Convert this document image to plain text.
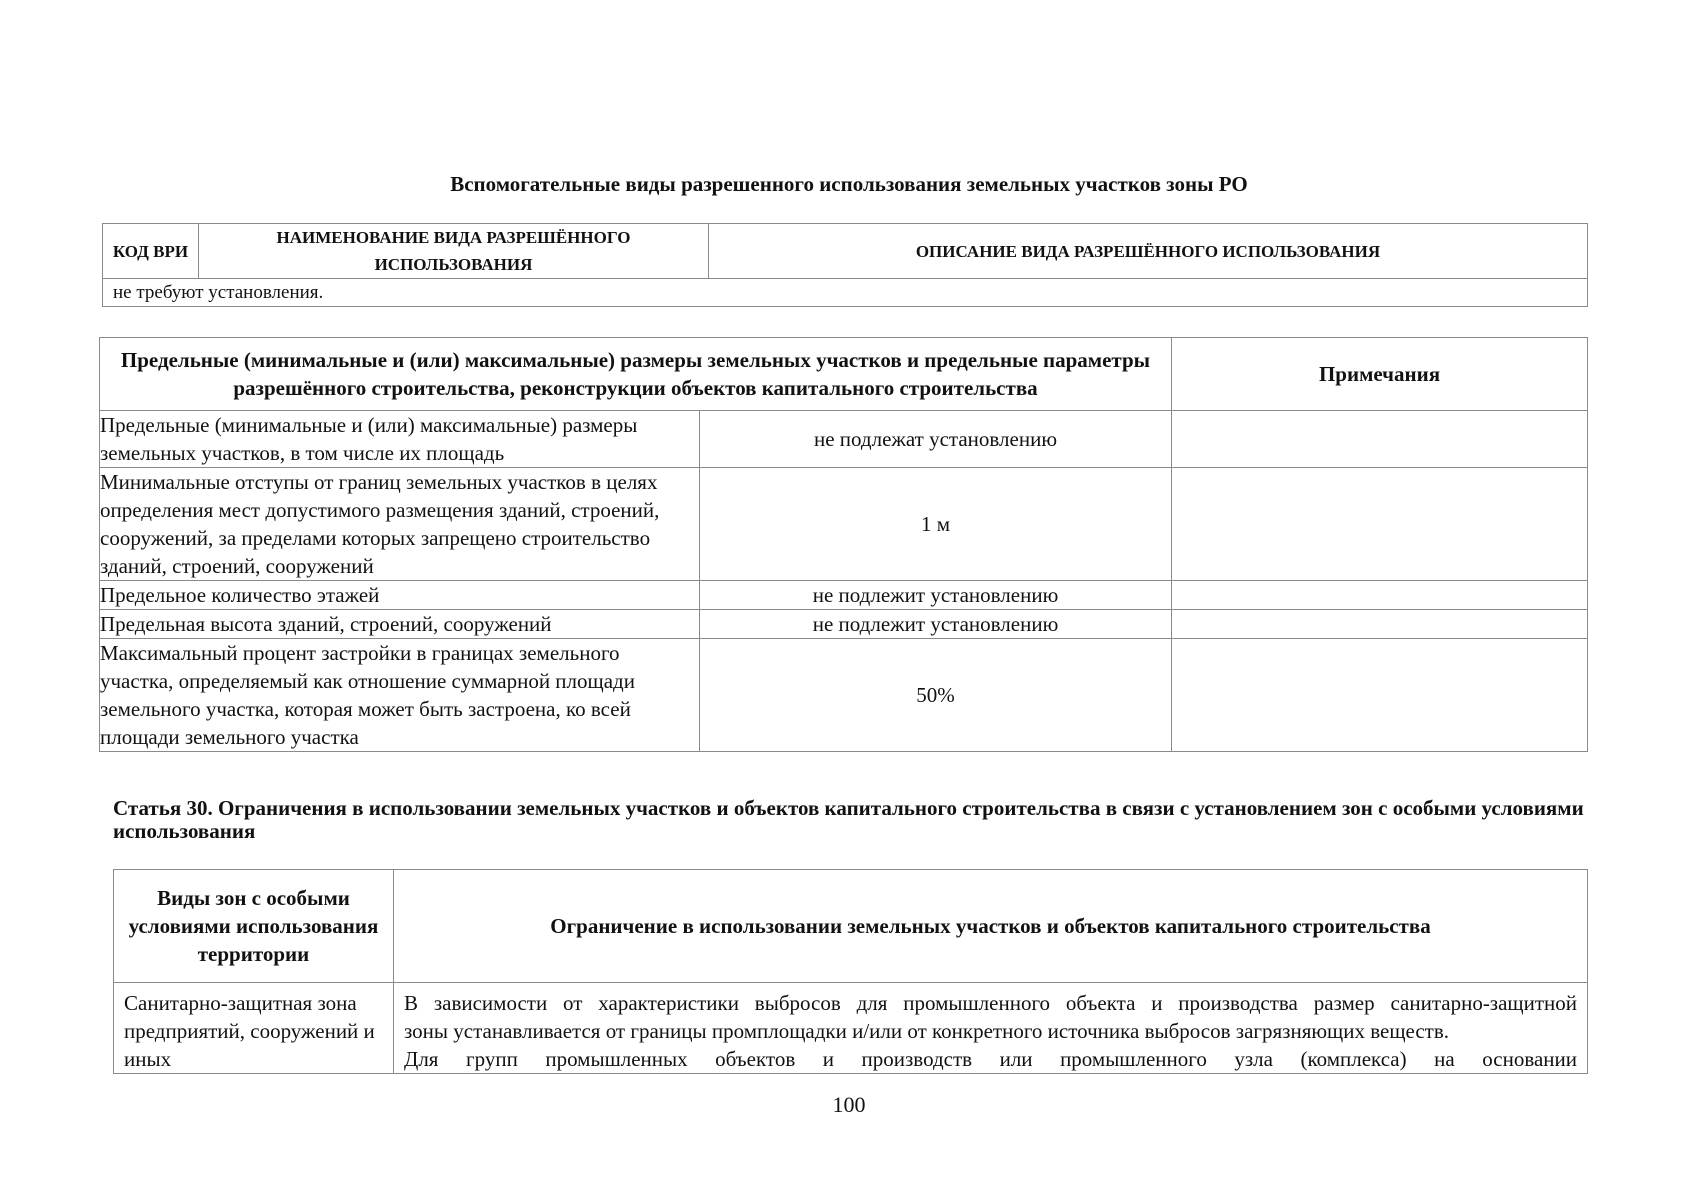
Вспомогательные виды разрешенного использования земельных участков зоны РО
КОД ВРИ	НАИМЕНОВАНИЕ ВИДА РАЗРЕШЁННОГО ИСПОЛЬЗОВАНИЯ	ОПИСАНИЕ ВИДА РАЗРЕШЁННОГО ИСПОЛЬЗОВАНИЯ
не требуют установления.
Предельные (минимальные и (или) максимальные) размеры земельных участков и предельные параметры разрешённого строительства, реконструкции объектов капитального строительства		Примечания
Предельные (минимальные и (или) максимальные) размеры земельных участков, в том числе их площадь	не подлежат установлению	
Минимальные отступы от границ земельных участков в целях определения мест допустимого размещения зданий, строений, сооружений, за пределами которых запрещено строительство зданий, строений, сооружений	1 м	
Предельное количество этажей	не подлежит установлению	
Предельная высота зданий, строений, сооружений	не подлежит установлению	
Максимальный процент застройки в границах земельного участка, определяемый как отношение суммарной площади земельного участка, которая может быть застроена, ко всей площади земельного участка	50%	
Статья 30. Ограничения в использовании земельных участков и объектов капитального строительства в связи с установлением зон с особыми условиями использования
Виды зон с особыми условиями использования территории	Ограничение в использовании земельных участков и объектов капитального строительства
Санитарно-защитная зона предприятий, сооружений и иных	В зависимости от характеристики выбросов для промышленного объекта и производства размер санитарно-защитной
зоны устанавливается от границы промплощадки и/или от конкретного источника выбросов загрязняющих веществ.
Для групп промышленных объектов и производств или промышленного узла (комплекса) на основании
100
